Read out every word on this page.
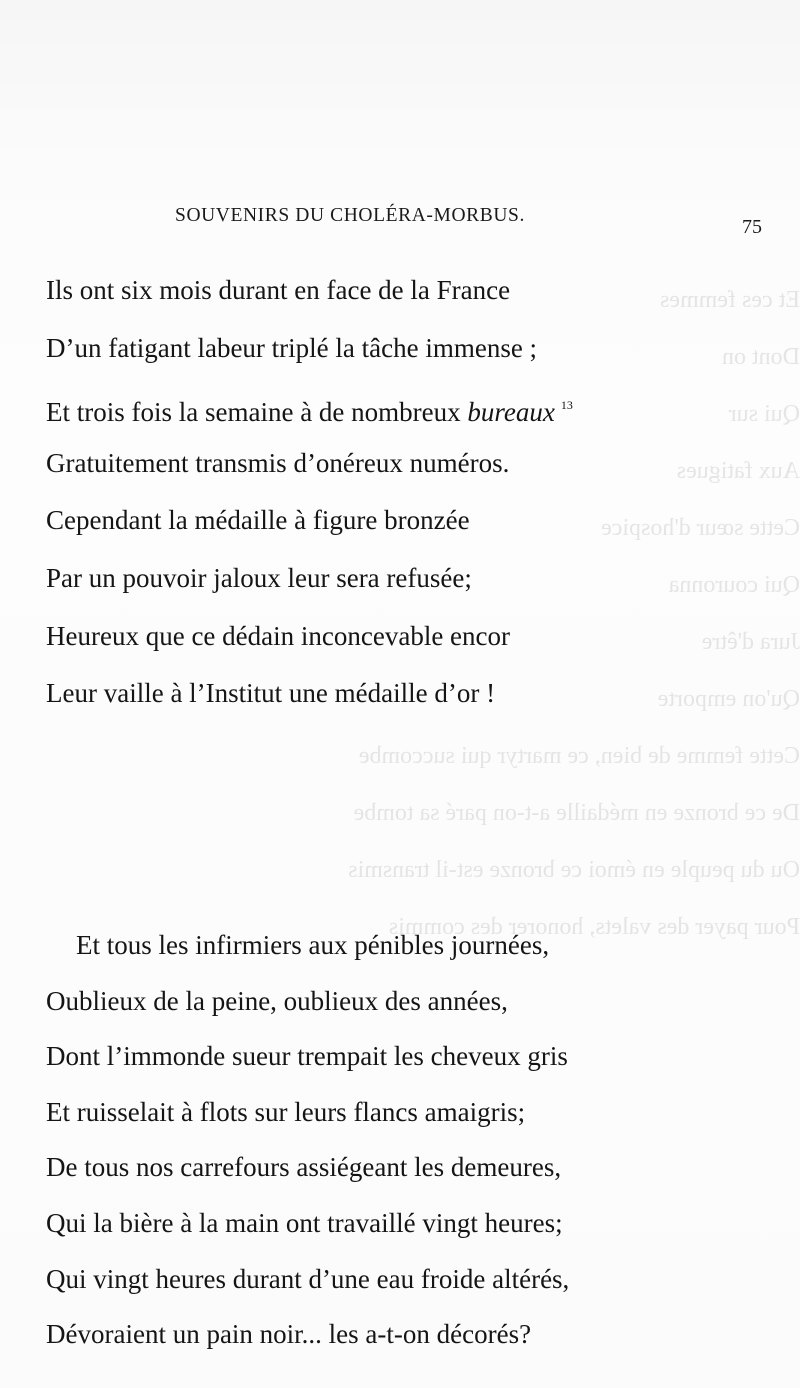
Et ces femmes
Dont on
Qui sur
Aux fatigues
Cette sœur d'hospice
Qui couronna
Jura d'être
Qu'on emporte
Cette femme de bien, ce martyr qui succombe
De ce bronze en médaille a-t-on paré sa tombe
Ou du peuple en émoi ce bronze est-il transmis
Pour payer des valets, honorer des commis
SOUVENIRS DU CHOLÉRA-MORBUS.
75
Ils ont six mois durant en face de la France
D’un fatigant labeur triplé la tâche immense ;
Et trois fois la semaine à de nombreux bureaux $^{13}$
Gratuitement transmis d’onéreux numéros.
Cependant la médaille à figure bronzée
Par un pouvoir jaloux leur sera refusée;
Heureux que ce dédain inconcevable encor
Leur vaille à l’Institut une médaille d’or !
Et tous les infirmiers aux pénibles journées,
Oublieux de la peine, oublieux des années,
Dont l’immonde sueur trempait les cheveux gris
Et ruisselait à flots sur leurs flancs amaigris;
De tous nos carrefours assiégeant les demeures,
Qui la bière à la main ont travaillé vingt heures;
Qui vingt heures durant d’une eau froide altérés,
Dévoraient un pain noir... les a-t-on décorés?
